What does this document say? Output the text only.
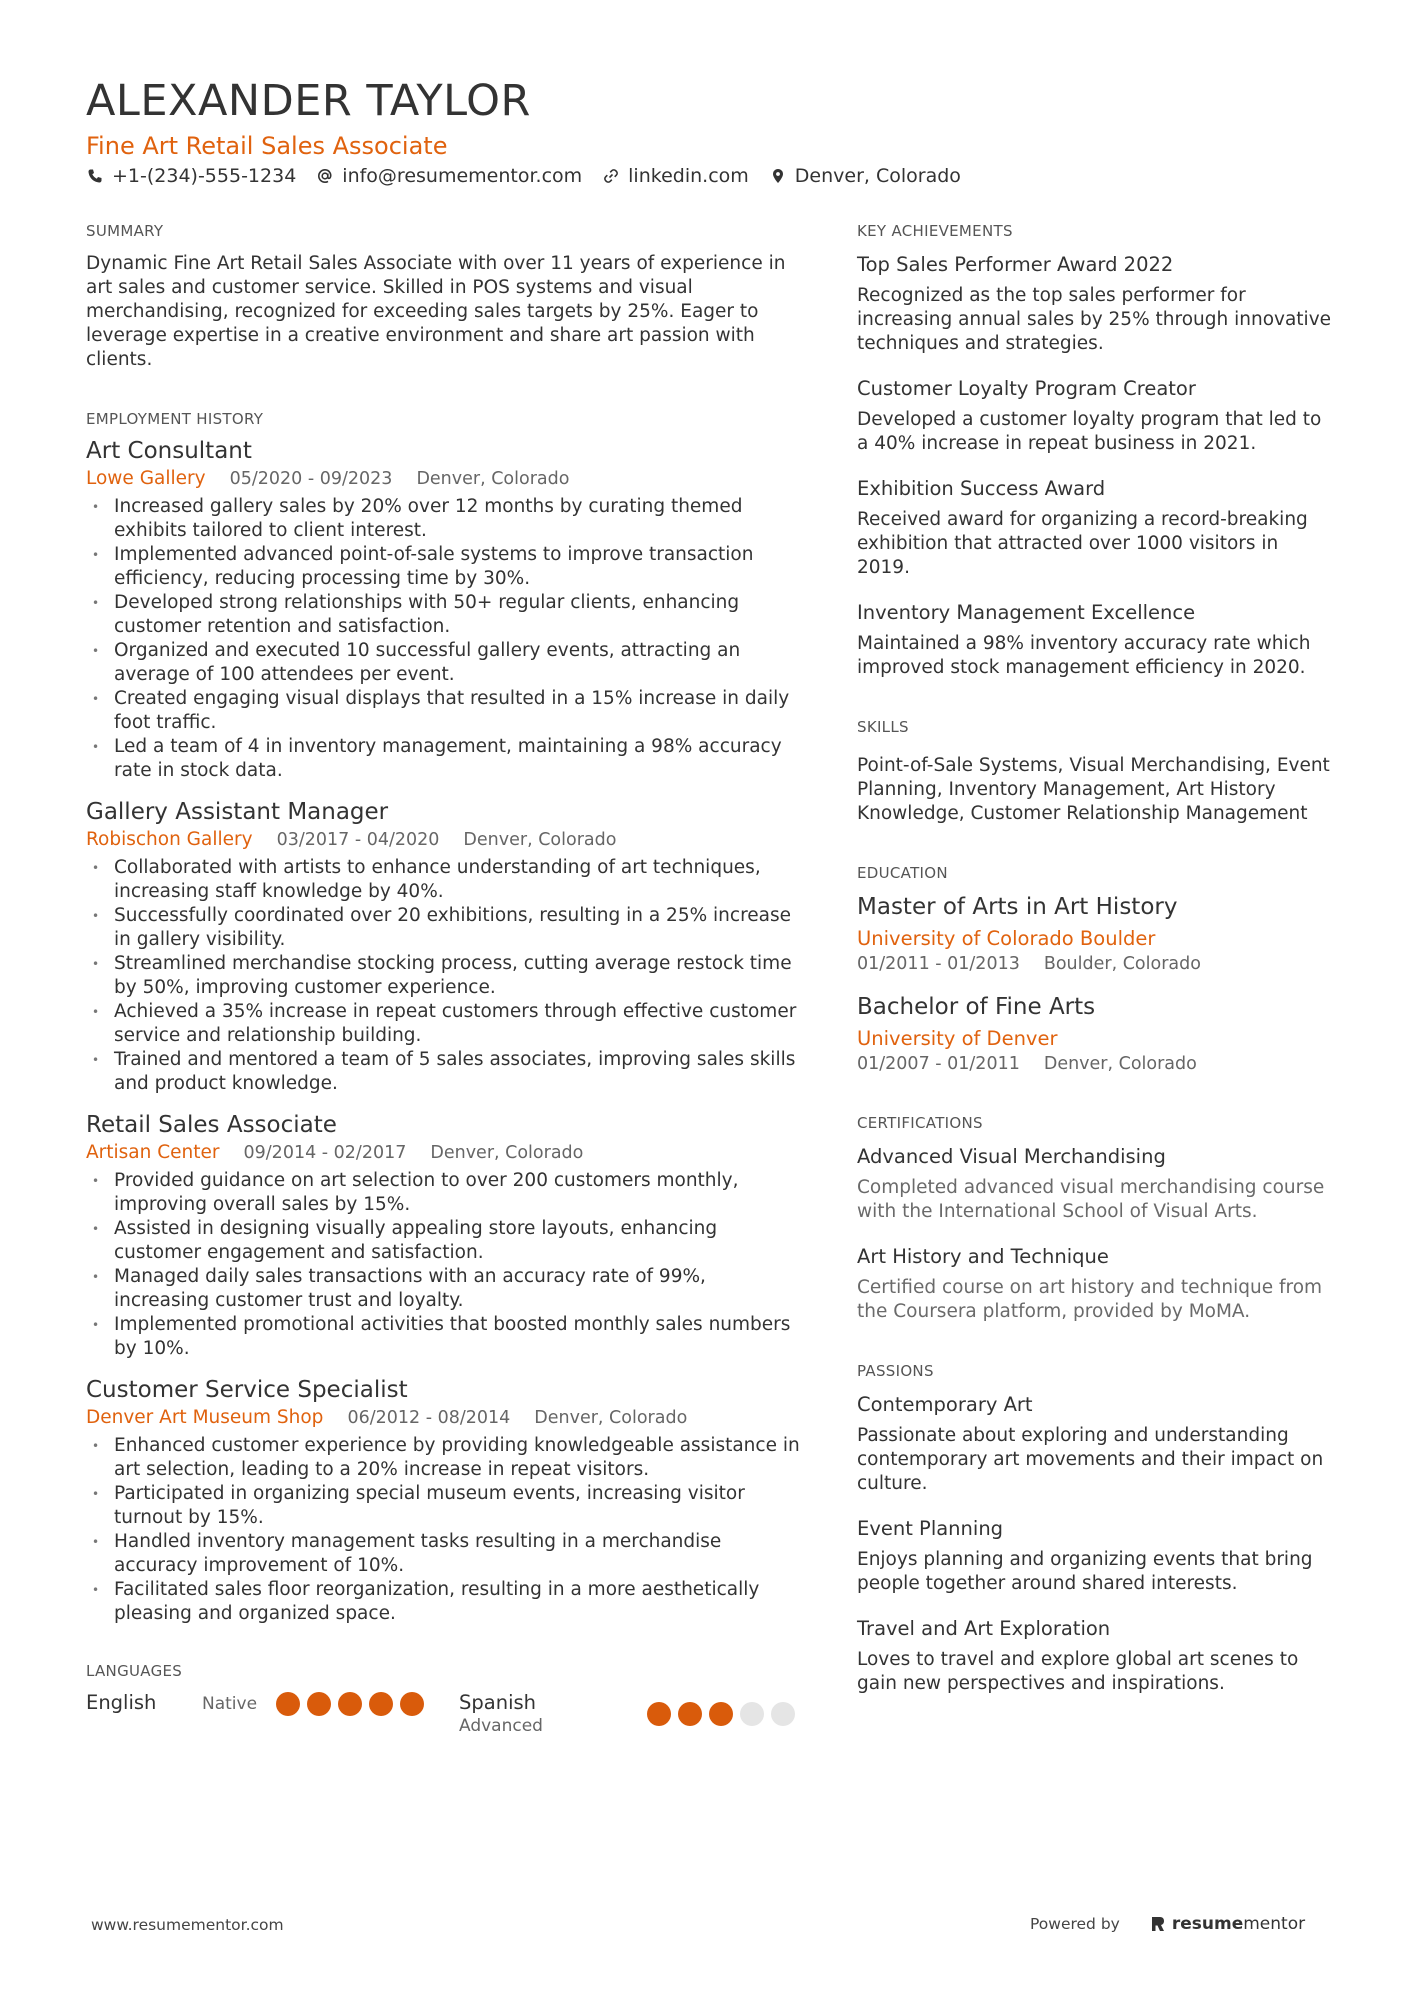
ALEXANDER TAYLOR
Fine Art Retail Sales Associate
+1-(234)-555-1234 info@resumementor.com linkedin.com Denver, Colorado
SUMMARY
Dynamic Fine Art Retail Sales Associate with over 11 years of experience in art sales and customer service. Skilled in POS systems and visual merchandising, recognized for exceeding sales targets by 25%. Eager to leverage expertise in a creative environment and share art passion with clients.
EMPLOYMENT HISTORY
Art Consultant
Lowe Gallery 05/2020 - 09/2023 Denver, Colorado
• Increased gallery sales by 20% over 12 months by curating themed exhibits tailored to client interest.
• Implemented advanced point-of-sale systems to improve transaction efficiency, reducing processing time by 30%.
• Developed strong relationships with 50+ regular clients, enhancing customer retention and satisfaction.
• Organized and executed 10 successful gallery events, attracting an average of 100 attendees per event.
• Created engaging visual displays that resulted in a 15% increase in daily foot traffic.
• Led a team of 4 in inventory management, maintaining a 98% accuracy rate in stock data.
Gallery Assistant Manager
Robischon Gallery 03/2017 - 04/2020 Denver, Colorado
• Collaborated with artists to enhance understanding of art techniques, increasing staff knowledge by 40%.
• Successfully coordinated over 20 exhibitions, resulting in a 25% increase in gallery visibility.
• Streamlined merchandise stocking process, cutting average restock time by 50%, improving customer experience.
• Achieved a 35% increase in repeat customers through effective customer service and relationship building.
• Trained and mentored a team of 5 sales associates, improving sales skills and product knowledge.
Retail Sales Associate
Artisan Center 09/2014 - 02/2017 Denver, Colorado
• Provided guidance on art selection to over 200 customers monthly, improving overall sales by 15%.
• Assisted in designing visually appealing store layouts, enhancing customer engagement and satisfaction.
• Managed daily sales transactions with an accuracy rate of 99%, increasing customer trust and loyalty.
• Implemented promotional activities that boosted monthly sales numbers by 10%.
Customer Service Specialist
Denver Art Museum Shop 06/2012 - 08/2014 Denver, Colorado
• Enhanced customer experience by providing knowledgeable assistance in art selection, leading to a 20% increase in repeat visitors.
• Participated in organizing special museum events, increasing visitor turnout by 15%.
• Handled inventory management tasks resulting in a merchandise accuracy improvement of 10%.
• Facilitated sales floor reorganization, resulting in a more aesthetically pleasing and organized space.
LANGUAGES
English	Native	Spanish
Advanced
KEY ACHIEVEMENTS
Top Sales Performer Award 2022
Recognized as the top sales performer for increasing annual sales by 25% through innovative techniques and strategies.
Customer Loyalty Program Creator
Developed a customer loyalty program that led to a 40% increase in repeat business in 2021.
Exhibition Success Award
Received award for organizing a record-breaking exhibition that attracted over 1000 visitors in 2019.
Inventory Management Excellence
Maintained a 98% inventory accuracy rate which improved stock management efficiency in 2020.
SKILLS
Point-of-Sale Systems, Visual Merchandising, Event Planning, Inventory Management, Art History Knowledge, Customer Relationship Management
EDUCATION
Master of Arts in Art History
University of Colorado Boulder
01/2011 - 01/2013 Boulder, Colorado
Bachelor of Fine Arts
University of Denver
01/2007 - 01/2011 Denver, Colorado
CERTIFICATIONS
Advanced Visual Merchandising
Completed advanced visual merchandising course with the International School of Visual Arts.
Art History and Technique
Certified course on art history and technique from the Coursera platform, provided by MoMA.
PASSIONS
Contemporary Art
Passionate about exploring and understanding contemporary art movements and their impact on culture.
Event Planning
Enjoys planning and organizing events that bring people together around shared interests.
Travel and Art Exploration
Loves to travel and explore global art scenes to gain new perspectives and inspirations.
www.resumementor.com	Powered by	resume mentor
